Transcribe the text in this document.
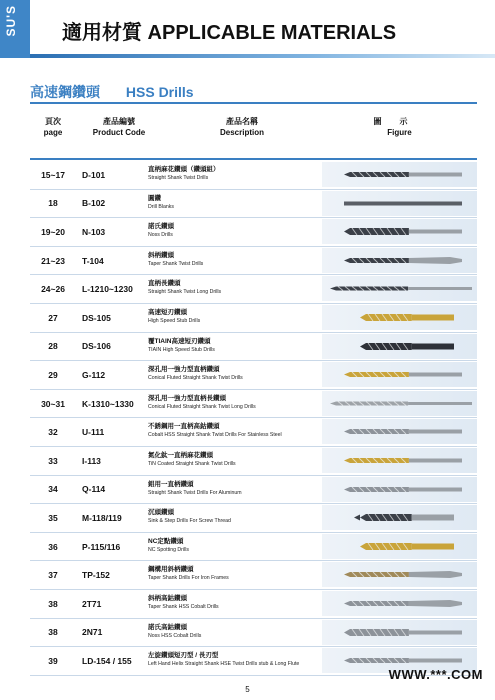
SU'S 適用材質 APPLICABLE MATERIALS
高速鋼鑽頭 HSS Drills
頁次
page
產品編號
Product Code
產品名稱
Description
圖示
Figure
15~17	D-101
直柄麻花鑽頭（鑽頭組）
Straight Shank Twist Drills
18	B-102
圓鑽
Drill Blanks
19~20	N-103
諾氏鑽頭
Noss Drills
21~23	T-104
斜柄鑽頭
Taper Shank Twist Drills
24~26	L-1210~1230
直柄長鑽頭
Straight Shank Twist Long Drills
27	DS-105
高速短刃鑽頭
High Speed Stub Drills
28	DS-106
覆TIAIN高速短刃鑽頭
TIAIN High Speed Stub Drills
29	G-112
深孔用一強力型直柄鑽頭
Conical Fluted Straight Shank Twist Drills
30~31	K-1310~1330
深孔用一強力型直柄長鑽頭
Conical Fluted Straight Shank Twist Long Drills
32	U-111
不銹鋼用一直柄高鈷鑽頭
Cobalt HSS Straight Shank Twist Drills For Stainless Steel
33	I-113
氮化鈦一直柄麻花鑽頭
TiN Coated Straight Shank Twist Drills
34	Q-114
鋁用一直柄鑽頭
Straight Shank Twist Drills For Aluminum
35	M-118/119
沉頭鑽頭
Sink & Step Drills For Screw Thread
36	P-115/116
NC定點鑽頭
NC Spotting Drills
37	TP-152
鋼構用斜柄鑽頭
Taper Shank Drills For Iron Frames
38	2T71
斜柄高鈷鑽頭
Taper Shank HSS Cobalt Drills
38	2N71
諾氏高鈷鑽頭
Noss HSS Cobalt Drills
39	LD-154 / 155
左旋鑽頭短刃型 / 長刃型
Left Hand Helix Straight Shank HSE Twist Drills stub & Long Flute
WWW.***.COM
5
